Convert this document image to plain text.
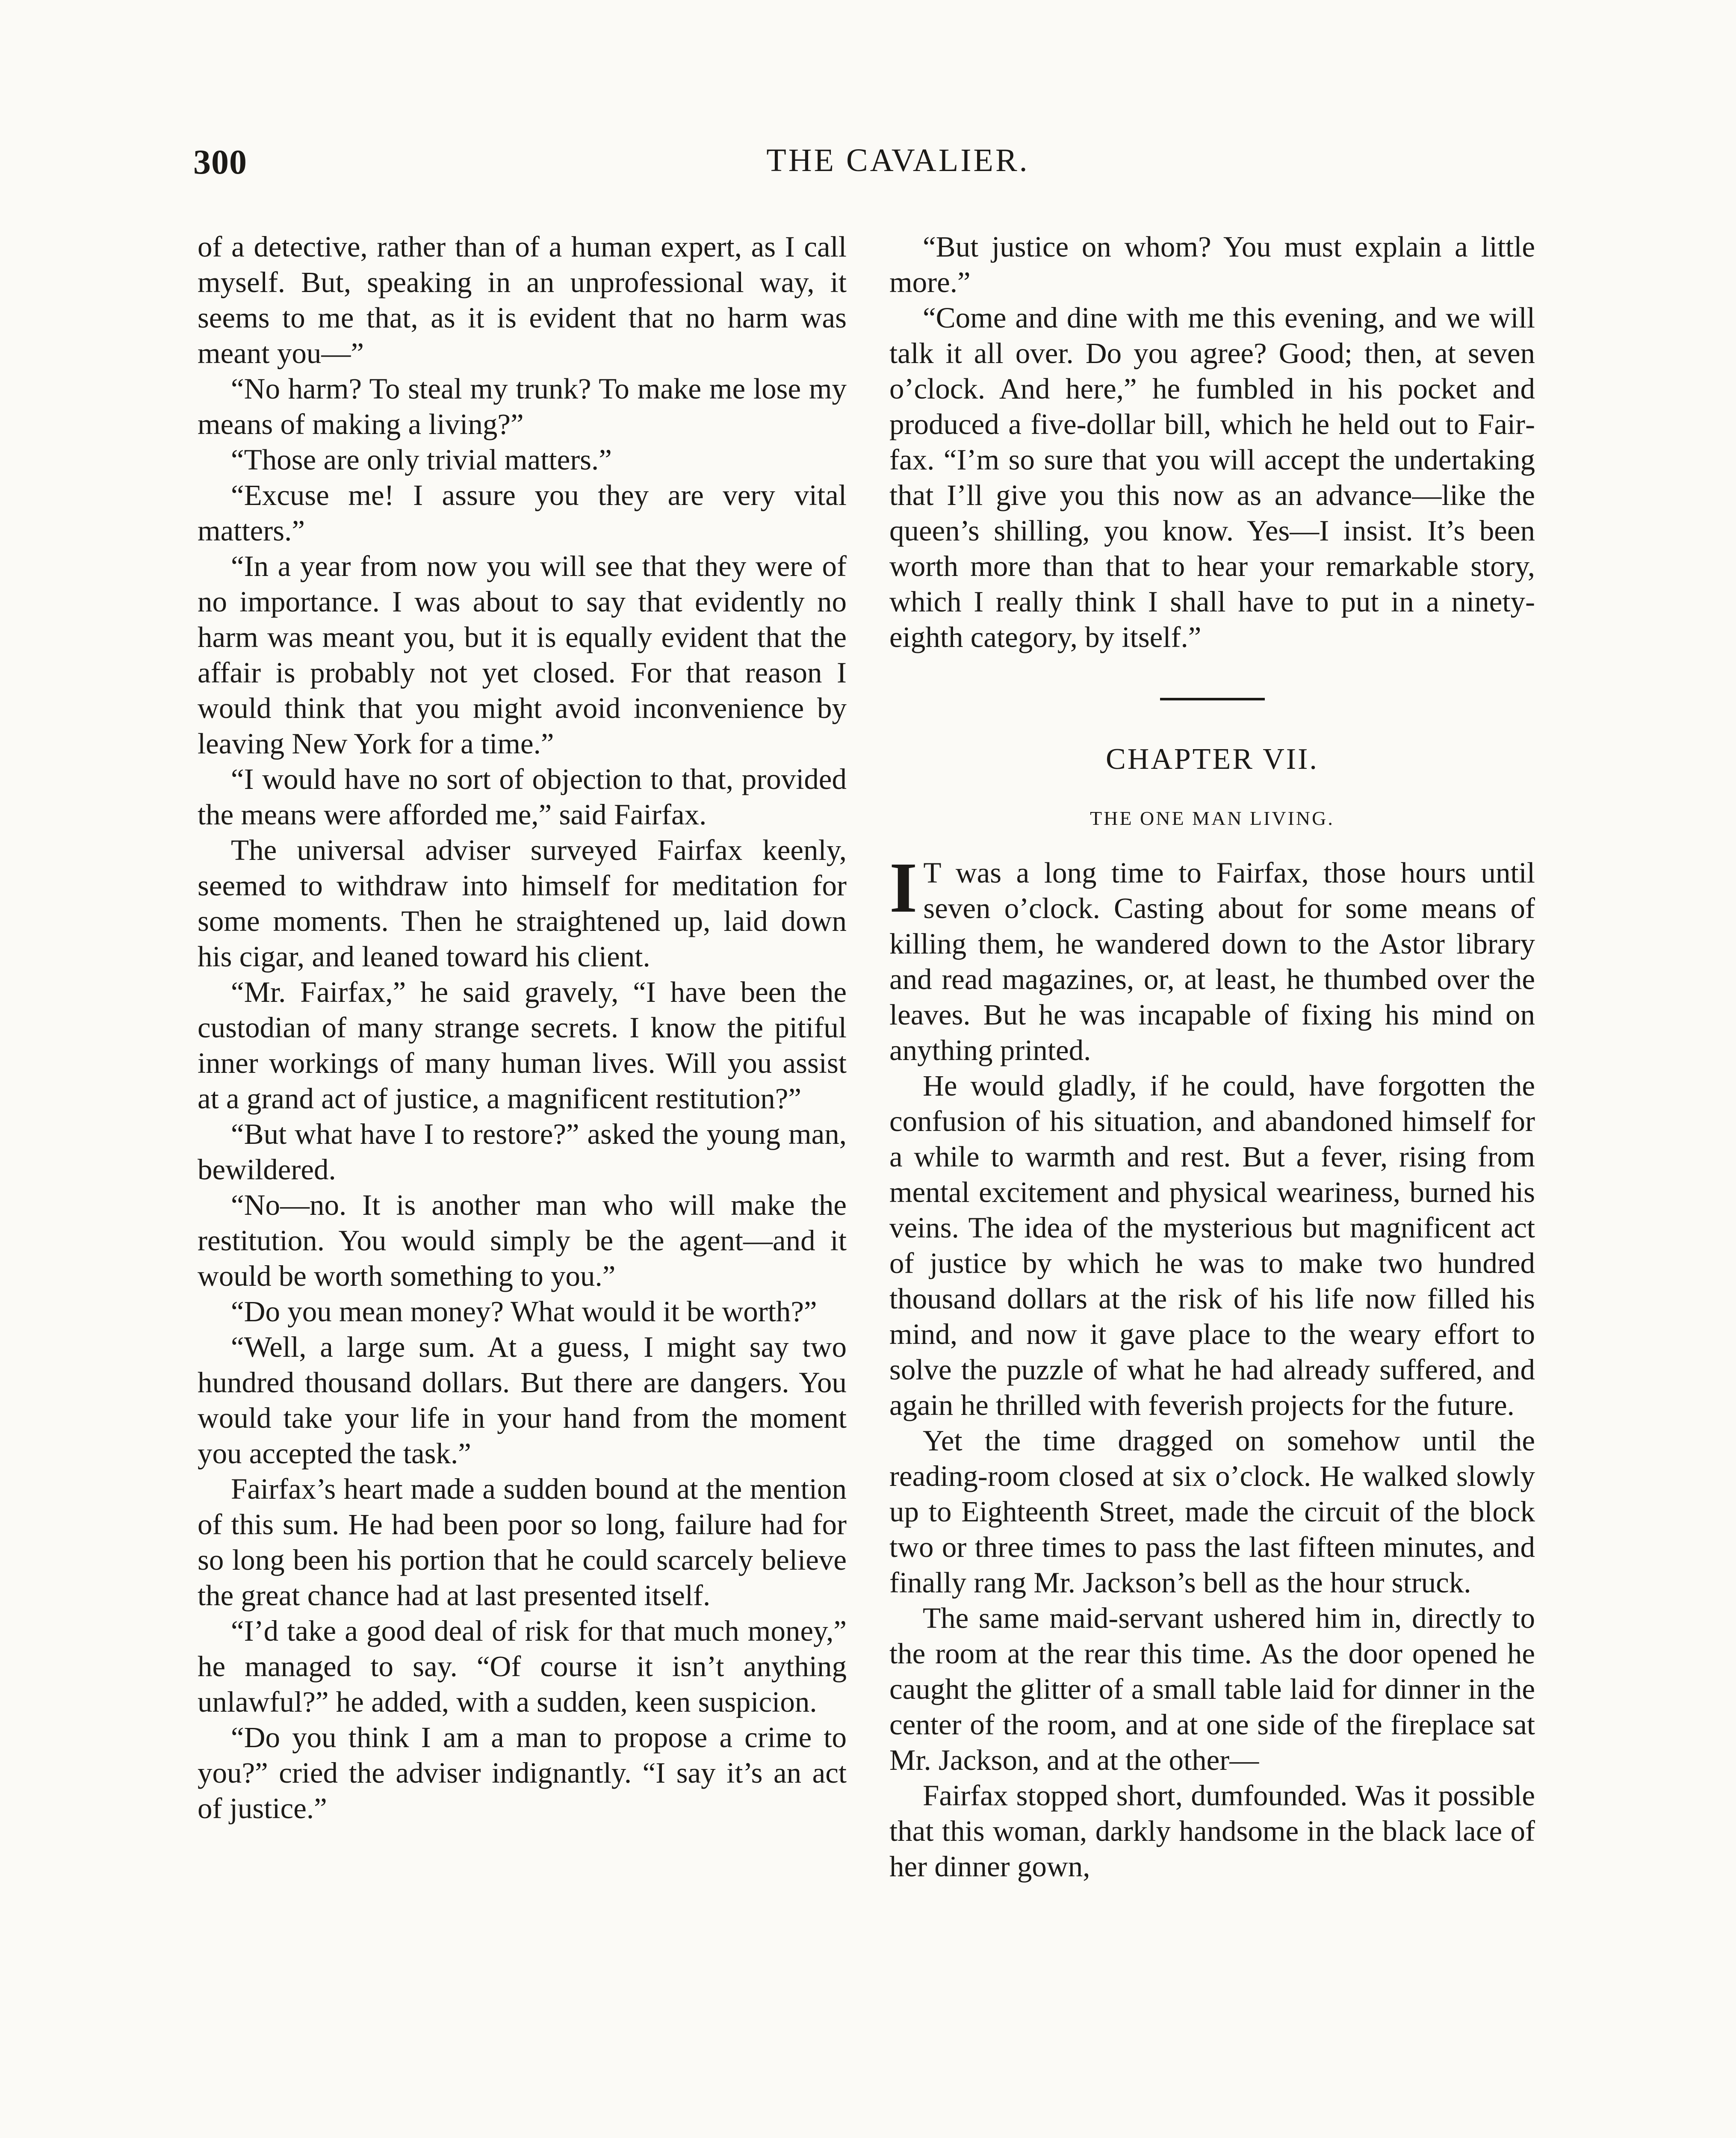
300	THE CAVALIER.

of a detective, rather than of a human expert, as I call myself. But, speaking in an unprofessional way, it seems to me that, as it is evident that no harm was meant you—”

“No harm? To steal my trunk? To make me lose my means of making a living?”

“Those are only trivial matters.”

“Excuse me! I assure you they are very vital matters.”

“In a year from now you will see that they were of no importance. I was about to say that evidently no harm was meant you, but it is equally evident that the affair is probably not yet closed. For that reason I would think that you might avoid inconvenience by leaving New York for a time.”

“I would have no sort of objection to that, provided the means were afforded me,” said Fairfax.

The universal adviser surveyed Fairfax keenly, seemed to withdraw into himself for meditation for some moments. Then he straightened up, laid down his cigar, and leaned toward his client.

“Mr. Fairfax,” he said gravely, “I have been the custodian of many strange secrets. I know the pitiful inner workings of many human lives. Will you assist at a grand act of justice, a magnificent restitution?”

“But what have I to restore?” asked the young man, bewildered.

“No—no. It is another man who will make the restitution. You would simply be the agent—and it would be worth something to you.”

“Do you mean money? What would it be worth?”

“Well, a large sum. At a guess, I might say two hundred thousand dollars. But there are dangers. You would take your life in your hand from the moment you accepted the task.”

Fairfax’s heart made a sudden bound at the mention of this sum. He had been poor so long, failure had for so long been his portion that he could scarcely believe the great chance had at last presented itself.

“I’d take a good deal of risk for that much money,” he managed to say. “Of course it isn’t anything unlawful?” he added, with a sudden, keen suspicion.

“Do you think I am a man to propose a crime to you?” cried the adviser indignantly. “I say it’s an act of justice.”

“But justice on whom? You must explain a little more.”

“Come and dine with me this evening, and we will talk it all over. Do you agree? Good; then, at seven o’clock. And here,” he fumbled in his pocket and produced a five-dollar bill, which he held out to Fairfax. “I’m so sure that you will accept the undertaking that I’ll give you this now as an advance—like the queen’s shilling, you know. Yes—I insist. It’s been worth more than that to hear your remarkable story, which I really think I shall have to put in a ninety-eighth category, by itself.”

CHAPTER VII.
THE ONE MAN LIVING.

I T was a long time to Fairfax, those hours until seven o’clock. Casting about for some means of killing them, he wandered down to the Astor library and read magazines, or, at least, he thumbed over the leaves. But he was incapable of fixing his mind on anything printed.

He would gladly, if he could, have forgotten the confusion of his situation, and abandoned himself for a while to warmth and rest. But a fever, rising from mental excitement and physical weariness, burned his veins. The idea of the mysterious but magnificent act of justice by which he was to make two hundred thousand dollars at the risk of his life now filled his mind, and now it gave place to the weary effort to solve the puzzle of what he had already suffered, and again he thrilled with feverish projects for the future.

Yet the time dragged on somehow until the reading-room closed at six o’clock. He walked slowly up to Eighteenth Street, made the circuit of the block two or three times to pass the last fifteen minutes, and finally rang Mr. Jackson’s bell as the hour struck.

The same maid-servant ushered him in, directly to the room at the rear this time. As the door opened he caught the glitter of a small table laid for dinner in the center of the room, and at one side of the fireplace sat Mr. Jackson, and at the other—

Fairfax stopped short, dumfounded. Was it possible that this woman, darkly handsome in the black lace of her dinner gown,
